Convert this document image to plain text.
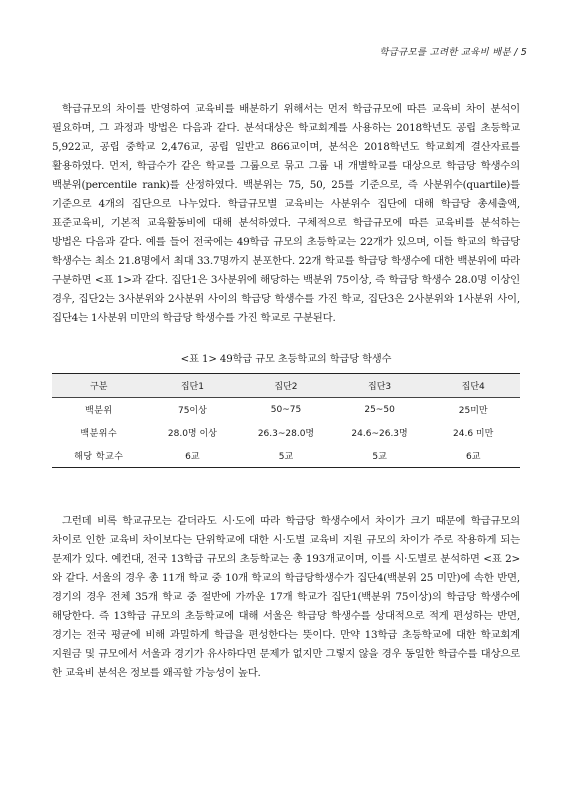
학급규모를 고려한 교육비 배분 / 5

학급규모의 차이를 반영하여 교육비를 배분하기 위해서는 먼저 학급규모에 따른 교육비 차이 분석이 필요하며, 그 과정과 방법은 다음과 같다. 분석대상은 학교회계를 사용하는 2018학년도 공립 초등학교 5,922교, 공립 중학교 2,476교, 공립 일반고 866교이며, 분석은 2018학년도 학교회계 결산자료를 활용하였다. 먼저, 학급수가 같은 학교를 그룹으로 묶고 그룹 내 개별학교를 대상으로 학급당 학생수의 백분위(percentile rank)를 산정하였다. 백분위는 75, 50, 25를 기준으로, 즉 사분위수(quartile)를 기준으로 4개의 집단으로 나누었다. 학급규모별 교육비는 사분위수 집단에 대해 학급당 총세출액, 표준교육비, 기본적 교육활동비에 대해 분석하였다. 구체적으로 학급규모에 따른 교육비를 분석하는 방법은 다음과 같다. 예를 들어 전국에는 49학급 규모의 초등학교는 22개가 있으며, 이들 학교의 학급당 학생수는 최소 21.8명에서 최대 33.7명까지 분포한다. 22개 학교를 학급당 학생수에 대한 백분위에 따라 구분하면 <표 1>과 같다. 집단1은 3사분위에 해당하는 백분위 75이상, 즉 학급당 학생수 28.0명 이상인 경우, 집단2는 3사분위와 2사분위 사이의 학급당 학생수를 가진 학교, 집단3은 2사분위와 1사분위 사이, 집단4는 1사분위 미만의 학급당 학생수를 가진 학교로 구분된다.

<표 1> 49학급 규모 초등학교의 학급당 학생수
구분	집단1	집단2	집단3	집단4
백분위	75이상	50~75	25~50	25미만
백분위수	28.0명 이상	26.3~28.0명	24.6~26.3명	24.6 미만
해당 학교수	6교	5교	5교	6교

그런데 비록 학교규모는 같더라도 시·도에 따라 학급당 학생수에서 차이가 크기 때문에 학급규모의 차이로 인한 교육비 차이보다는 단위학교에 대한 시·도별 교육비 지원 규모의 차이가 주로 작용하게 되는 문제가 있다. 예컨대, 전국 13학급 규모의 초등학교는 총 193개교이며, 이를 시·도별로 분석하면 <표 2>와 같다. 서울의 경우 총 11개 학교 중 10개 학교의 학급당학생수가 집단4(백분위 25 미만)에 속한 반면, 경기의 경우 전체 35개 학교 중 절반에 가까운 17개 학교가 집단1(백분위 75이상)의 학급당 학생수에 해당한다. 즉 13학급 규모의 초등학교에 대해 서울은 학급당 학생수를 상대적으로 적게 편성하는 반면, 경기는 전국 평균에 비해 과밀하게 학급을 편성한다는 뜻이다. 만약 13학급 초등학교에 대한 학교회계 지원금 및 규모에서 서울과 경기가 유사하다면 문제가 없지만 그렇지 않을 경우 동일한 학급수를 대상으로 한 교육비 분석은 정보를 왜곡할 가능성이 높다.
